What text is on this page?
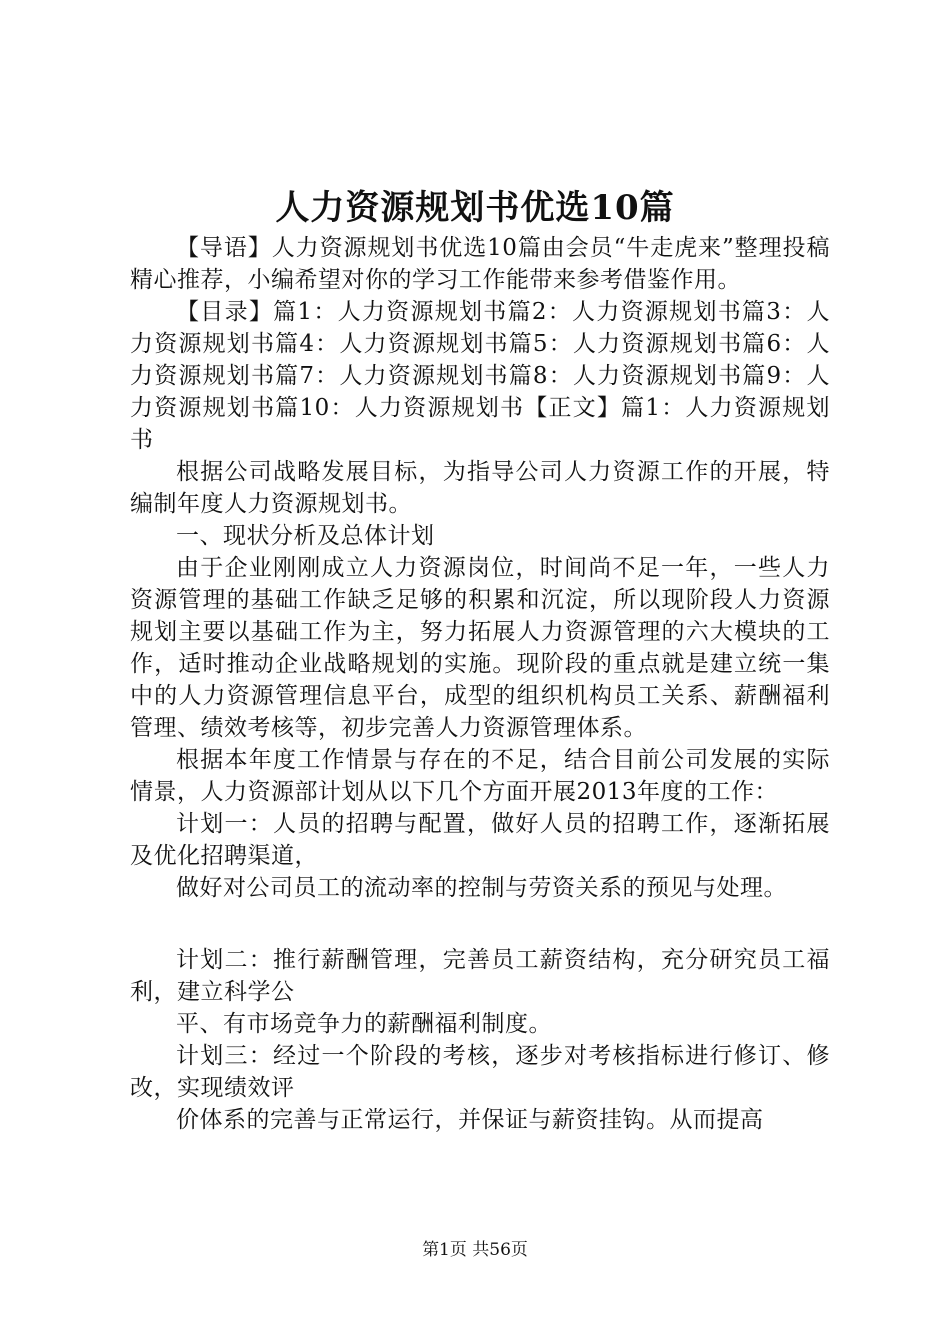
人力资源规划书优选10篇

【导语】人力资源规划书优选10篇由会员“牛走虎来”整理投稿精心推荐，小编希望对你的学习工作能带来参考借鉴作用。

【目录】篇1：人力资源规划书篇2：人力资源规划书篇3：人力资源规划书篇4：人力资源规划书篇5：人力资源规划书篇6：人力资源规划书篇7：人力资源规划书篇8：人力资源规划书篇9：人力资源规划书篇10：人力资源规划书【正文】篇1：人力资源规划书

根据公司战略发展目标，为指导公司人力资源工作的开展，特编制年度人力资源规划书。

一、现状分析及总体计划

由于企业刚刚成立人力资源岗位，时间尚不足一年，一些人力资源管理的基础工作缺乏足够的积累和沉淀，所以现阶段人力资源规划主要以基础工作为主，努力拓展人力资源管理的六大模块的工作，适时推动企业战略规划的实施。现阶段的重点就是建立统一集中的人力资源管理信息平台，成型的组织机构员工关系、薪酬福利管理、绩效考核等，初步完善人力资源管理体系。

根据本年度工作情景与存在的不足，结合目前公司发展的实际情景，人力资源部计划从以下几个方面开展2013年度的工作：

计划一：人员的招聘与配置，做好人员的招聘工作，逐渐拓展及优化招聘渠道，

做好对公司员工的流动率的控制与劳资关系的预见与处理。

计划二：推行薪酬管理，完善员工薪资结构，充分研究员工福利，建立科学公

平、有市场竞争力的薪酬福利制度。

计划三：经过一个阶段的考核，逐步对考核指标进行修订、修改，实现绩效评

价体系的完善与正常运行，并保证与薪资挂钩。从而提高

第1页 共56页
